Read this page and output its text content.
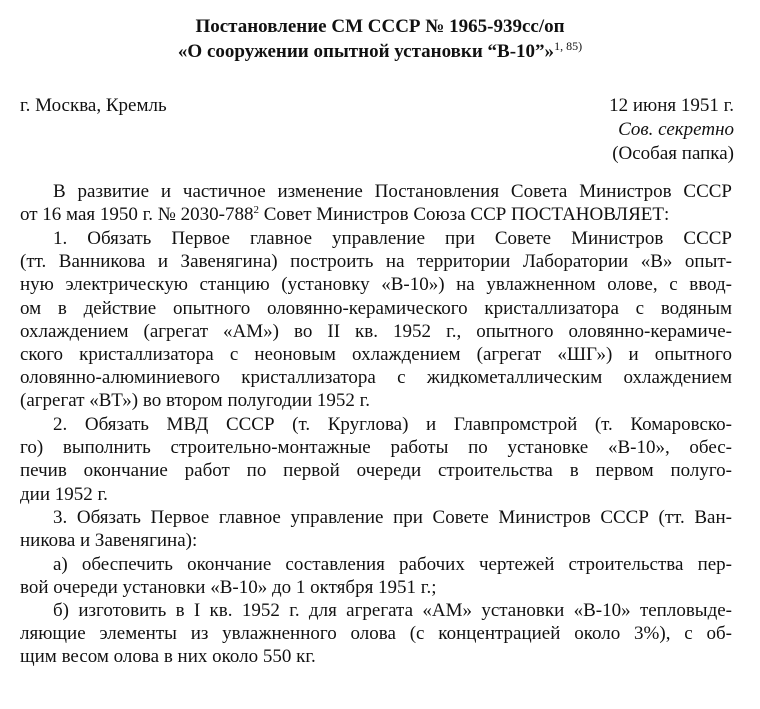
Постановление СМ СССР № 1965-939сс/оп
«О сооружении опытной установки “В-10”»$^{1, 85)}$
г. Москва, Кремль	12 июня 1951 г.
Сов. секретно
(Особая папка)
В развитие и частичное изменение Постановления Совета Министров СССР
от 16 мая 1950 г. № $2030-788^2$ Совет Министров Союза ССР ПОСТАНОВЛЯЕТ:
1. Обязать Первое главное управление при Совете Министров СССР
(тт. Ванникова и Завенягина) построить на территории Лаборатории «В» опыт-
ную электрическую станцию (установку «В-10») на увлажненном олове, с ввод-
ом в действие опытного оловянно-керамического кристаллизатора с водяным
охлаждением (агрегат «АМ») во II кв. 1952 г., опытного оловянно-керамиче-
ского кристаллизатора с неоновым охлаждением (агрегат «ШГ») и опытного
оловянно-алюминиевого кристаллизатора с жидкометаллическим охлаждением
(агрегат «ВТ») во втором полугодии 1952 г.
2. Обязать МВД СССР (т. Круглова) и Главпромстрой (т. Комаровско-
го) выполнить строительно-монтажные работы по установке «В-10», обес-
печив окончание работ по первой очереди строительства в первом полуго-
дии 1952 г.
3. Обязать Первое главное управление при Совете Министров СССР (тт. Ван-
никова и Завенягина):
а) обеспечить окончание составления рабочих чертежей строительства пер-
вой очереди установки «В-10» до 1 октября 1951 г.;
б) изготовить в I кв. 1952 г. для агрегата «АМ» установки «В-10» тепловыде-
ляющие элементы из увлажненного олова (с концентрацией около 3%), с об-
щим весом олова в них около 550 кг.
